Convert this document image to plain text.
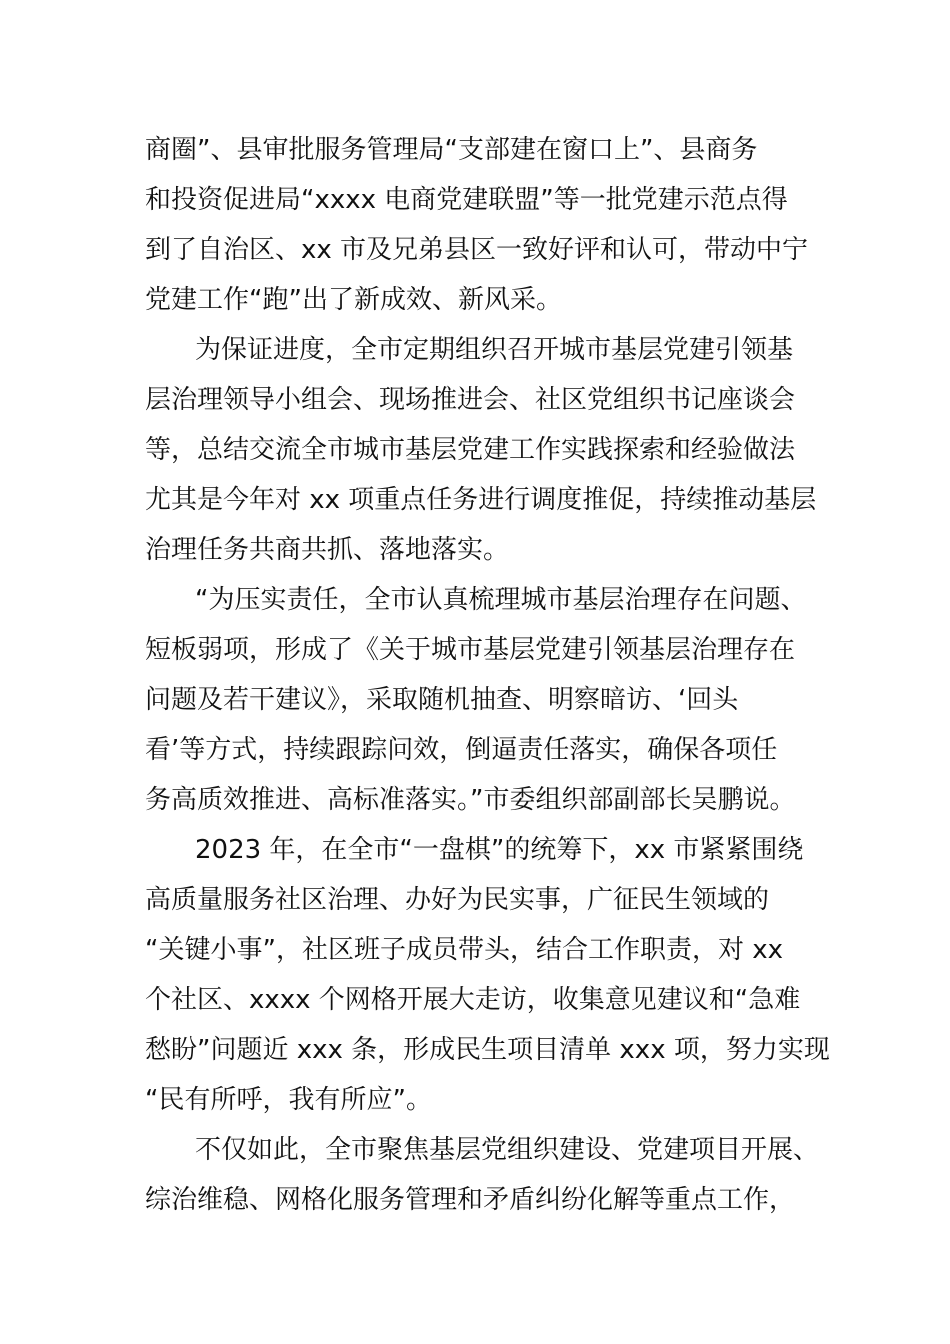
商圈”、县审批服务管理局“支部建在窗口上”、县商务
和投资促进局“xxxx 电商党建联盟”等一批党建示范点得
到了自治区、xx 市及兄弟县区一致好评和认可，带动中宁
党建工作“跑”出了新成效、新风采。
为保证进度，全市定期组织召开城市基层党建引领基
层治理领导小组会、现场推进会、社区党组织书记座谈会
等，总结交流全市城市基层党建工作实践探索和经验做法
尤其是今年对 xx 项重点任务进行调度推促，持续推动基层
治理任务共商共抓、落地落实。
“为压实责任，全市认真梳理城市基层治理存在问题、
短板弱项，形成了《关于城市基层党建引领基层治理存在
问题及若干建议》，采取随机抽查、明察暗访、‘回头
看’等方式，持续跟踪问效，倒逼责任落实，确保各项任
务高质效推进、高标准落实。”市委组织部副部长吴鹏说。
2023 年，在全市“一盘棋”的统筹下，xx 市紧紧围绕
高质量服务社区治理、办好为民实事，广征民生领域的
“关键小事”，社区班子成员带头，结合工作职责，对 xx
个社区、xxxx 个网格开展大走访，收集意见建议和“急难
愁盼”问题近 xxx 条，形成民生项目清单 xxx 项，努力实现
“民有所呼，我有所应”。
不仅如此，全市聚焦基层党组织建设、党建项目开展、
综治维稳、网格化服务管理和矛盾纠纷化解等重点工作，
